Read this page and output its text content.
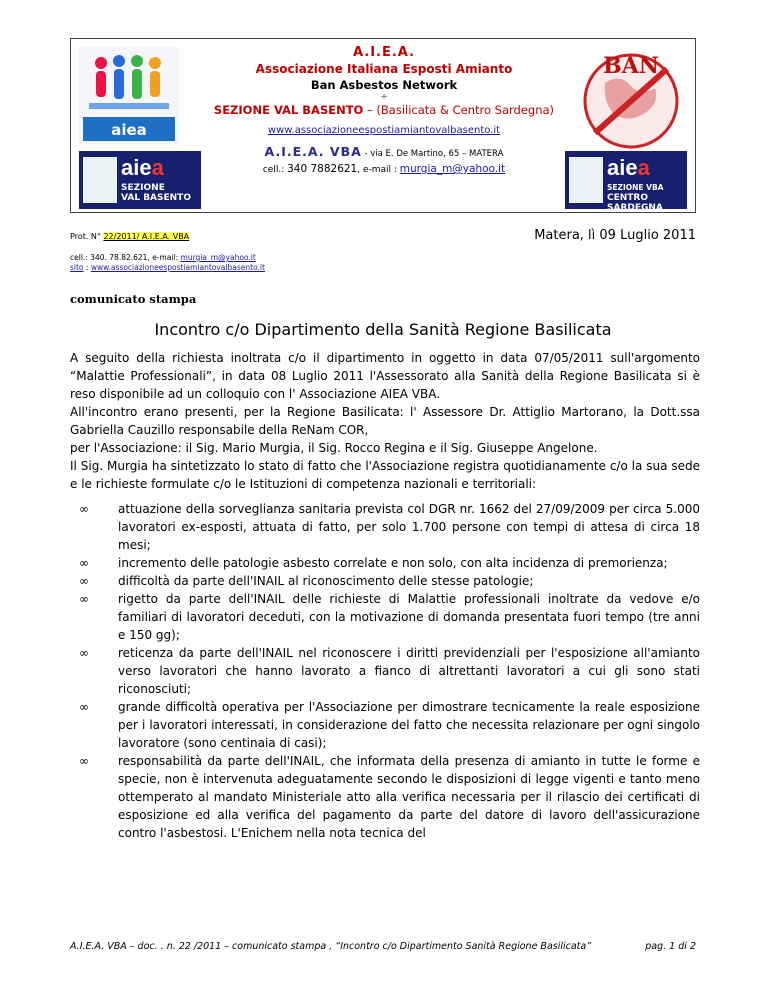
aiea
A.I.E.A.
Associazione Italiana Esposti Amianto
Ban Asbestos Network
÷
SEZIONE VAL BASENTO – (Basilicata & Centro Sardegna)
www.associazioneespostiamiantovalbasento.it
A.I.E.A. VBA - via E. De Martino, 65 – MATERA
cell.: 340 7882621, e-mail : murgia_m@yahoo.it
BAN
aiea
SEZIONE
VAL BASENTO
aiea
SEZIONE VBA
CENTRO SARDEGNA
Prot. N° 22/2011/ A.I.E.A. VBA	Matera, lì 09 Luglio 2011
cell.: 340. 78.82.621, e-mail: murgia_m@yahoo.it
sito : www.associazioneespostiamiantovalbasento.it
comunicato stampa
Incontro c/o Dipartimento della Sanità Regione Basilicata

A seguito della richiesta inoltrata c/o il dipartimento in oggetto in data 07/05/2011 sull'argomento “Malattie Professionali”, in data 08 Luglio 2011 l'Assessorato alla Sanità della Regione Basilicata si è reso disponibile ad un colloquio con l' Associazione AIEA VBA.

All'incontro erano presenti, per la Regione Basilicata: l' Assessore Dr. Attiglio Martorano, la Dott.ssa Gabriella Cauzillo responsabile della ReNam COR,

per l'Associazione: il Sig. Mario Murgia, il Sig. Rocco Regina e il Sig. Giuseppe Angelone.

Il Sig. Murgia ha sintetizzato lo stato di fatto che l'Associazione registra quotidianamente c/o la sua sede e le richieste formulate c/o le Istituzioni di competenza nazionali e territoriali:

∞ attuazione della sorveglianza sanitaria prevista col DGR nr. 1662 del 27/09/2009 per circa 5.000 lavoratori ex-esposti, attuata di fatto, per solo 1.700 persone con tempi di attesa di circa 18 mesi;
∞ incremento delle patologie asbesto correlate e non solo, con alta incidenza di premorienza;
∞ difficoltà da parte dell'INAIL al riconoscimento delle stesse patologie;
∞ rigetto da parte dell'INAIL delle richieste di Malattie professionali inoltrate da vedove e/o familiari di lavoratori deceduti, con la motivazione di domanda presentata fuori tempo (tre anni e 150 gg);
∞ reticenza da parte dell'INAIL nel riconoscere i diritti previdenziali per l'esposizione all'amianto verso lavoratori che hanno lavorato a fianco di altrettanti lavoratori a cui gli sono stati riconosciuti;
∞ grande difficoltà operativa per l'Associazione per dimostrare tecnicamente la reale esposizione per i lavoratori interessati, in considerazione del fatto che necessita relazionare per ogni singolo lavoratore (sono centinaia di casi);
∞ responsabilità da parte dell'INAIL, che informata della presenza di amianto in tutte le forme e specie, non è intervenuta adeguatamente secondo le disposizioni di legge vigenti e tanto meno ottemperato al mandato Ministeriale atto alla verifica necessaria per il rilascio dei certificati di esposizione ed alla verifica del pagamento da parte del datore di lavoro dell'assicurazione contro l'asbestosi. L'Enichem nella nota tecnica del
A.I.E.A. VBA – doc. . n. 22 /2011 – comunicato stampa , “Incontro c/o Dipartimento Sanità Regione Basilicata”	pag. 1 di 2
